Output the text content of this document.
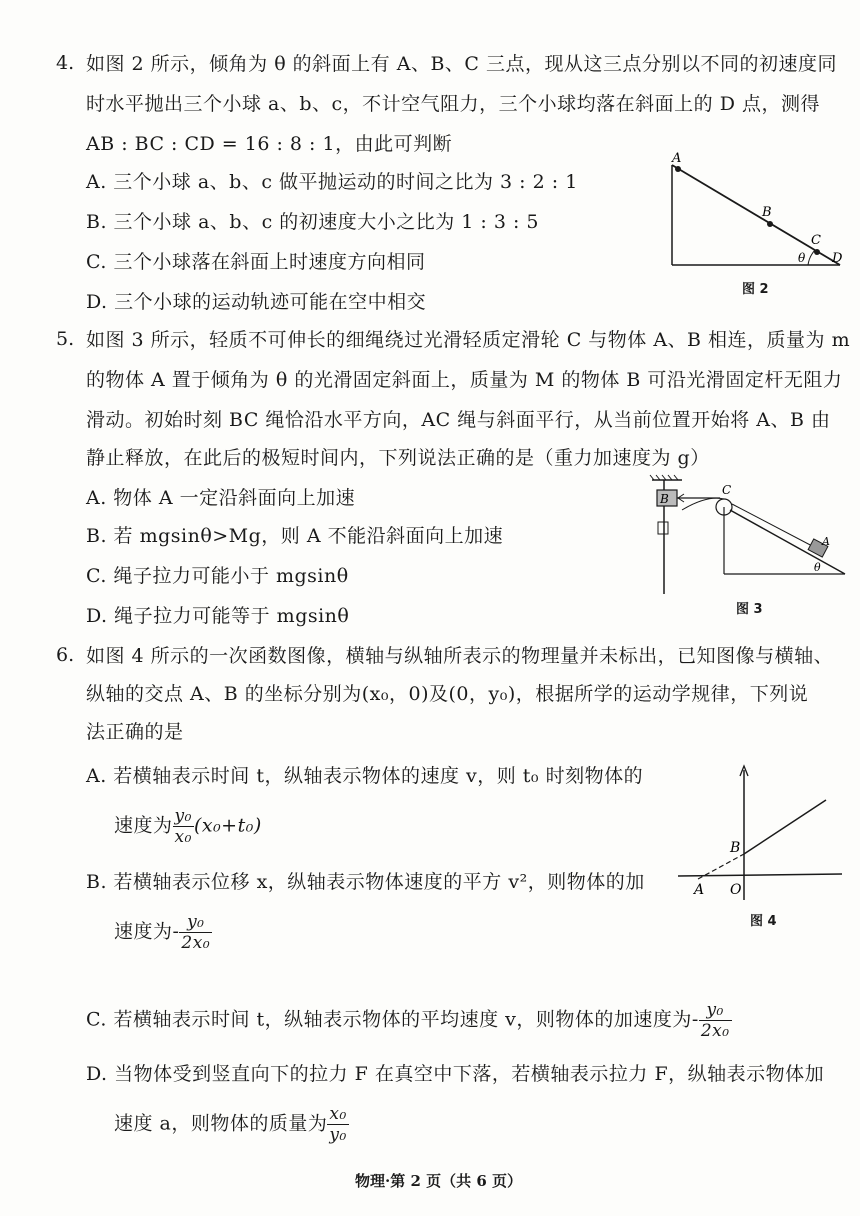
4. 如图 2 所示，倾角为 θ 的斜面上有 A、B、C 三点，现从这三点分别以不同的初速度同
时水平抛出三个小球 a、b、c，不计空气阻力，三个小球均落在斜面上的 D 点，测得
AB : BC : CD = 16 : 8 : 1，由此可判断
A. 三个小球 a、b、c 做平抛运动的时间之比为 3 : 2 : 1
B. 三个小球 a、b、c 的初速度大小之比为 1 : 3 : 5
C. 三个小球落在斜面上时速度方向相同
D. 三个小球的运动轨迹可能在空中相交
A
B
C
D
θ
图 2
5. 如图 3 所示，轻质不可伸长的细绳绕过光滑轻质定滑轮 C 与物体 A、B 相连，质量为 m
的物体 A 置于倾角为 θ 的光滑固定斜面上，质量为 M 的物体 B 可沿光滑固定杆无阻力
滑动。初始时刻 BC 绳恰沿水平方向，AC 绳与斜面平行，从当前位置开始将 A、B 由
静止释放，在此后的极短时间内，下列说法正确的是（重力加速度为 g）
A. 物体 A 一定沿斜面向上加速
B. 若 mgsinθ>Mg，则 A 不能沿斜面向上加速
C. 绳子拉力可能小于 mgsinθ
D. 绳子拉力可能等于 mgsinθ
B
C
A
θ
图 3
6. 如图 4 所示的一次函数图像，横轴与纵轴所表示的物理量并未标出，已知图像与横轴、
纵轴的交点 A、B 的坐标分别为(x₀，0)及(0，y₀)，根据所学的运动学规律，下列说
法正确的是
A. 若横轴表示时间 t，纵轴表示物体的速度 v，则 t₀ 时刻物体的
速度为 $\frac{\text{y₀}}{\text{x₀}} (x_0+t_0)$
B. 若横轴表示位移 x，纵轴表示物体速度的平方 v²，则物体的加
速度为- $\frac{\text{y₀}}{\text{2x₀}}$
C. 若横轴表示时间 t，纵轴表示物体的平均速度 v，则物体的加速度为- $\frac{\text{y₀}}{\text{2x₀}}$
D. 当物体受到竖直向下的拉力 F 在真空中下落，若横轴表示拉力 F，纵轴表示物体加
速度 a，则物体的质量为 $\frac{\text{x₀}}{\text{y₀}}$
B
A O
图 4
物理·第 2 页（共 6 页）
